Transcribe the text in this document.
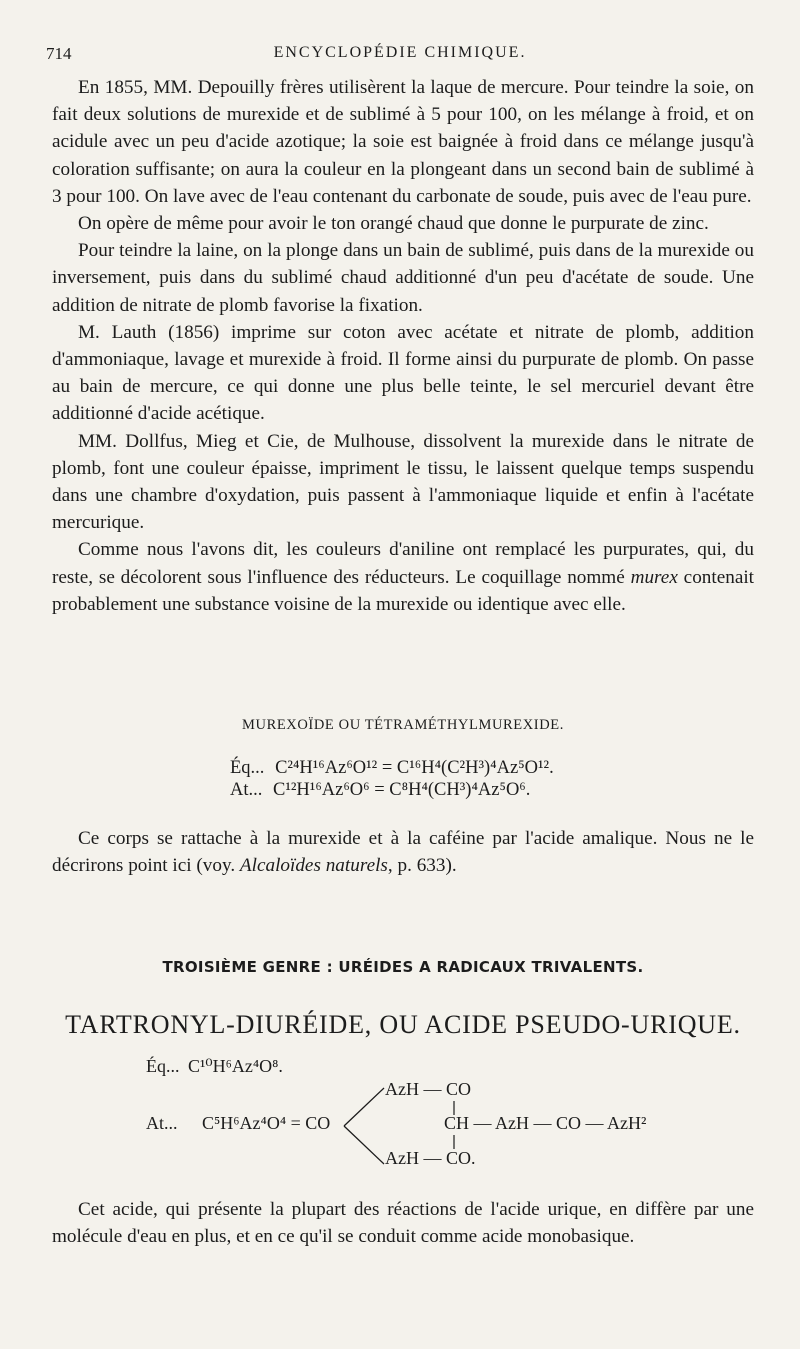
714	ENCYCLOPÉDIE CHIMIQUE.

En 1855, MM. Depouilly frères utilisèrent la laque de mercure. Pour teindre la soie, on fait deux solutions de murexide et de sublimé à 5 pour 100, on les mélange à froid, et on acidule avec un peu d'acide azotique; la soie est baignée à froid dans ce mélange jusqu'à coloration suffisante; on aura la couleur en la plongeant dans un second bain de sublimé à 3 pour 100. On lave avec de l'eau contenant du carbonate de soude, puis avec de l'eau pure.

On opère de même pour avoir le ton orangé chaud que donne le purpurate de zinc.

Pour teindre la laine, on la plonge dans un bain de sublimé, puis dans de la murexide ou inversement, puis dans du sublimé chaud additionné d'un peu d'acétate de soude. Une addition de nitrate de plomb favorise la fixation.

M. Lauth (1856) imprime sur coton avec acétate et nitrate de plomb, addition d'ammoniaque, lavage et murexide à froid. Il forme ainsi du purpurate de plomb. On passe au bain de mercure, ce qui donne une plus belle teinte, le sel mercuriel devant être additionné d'acide acétique.

MM. Dollfus, Mieg et Cie, de Mulhouse, dissolvent la murexide dans le nitrate de plomb, font une couleur épaisse, impriment le tissu, le laissent quelque temps suspendu dans une chambre d'oxydation, puis passent à l'ammoniaque liquide et enfin à l'acétate mercurique.

Comme nous l'avons dit, les couleurs d'aniline ont remplacé les purpurates, qui, du reste, se décolorent sous l'influence des réducteurs. Le coquillage nommé murex contenait probablement une substance voisine de la murexide ou identique avec elle.

MUREXOÏDE OU TÉTRAMÉTHYLMUREXIDE.
Éq... C²⁴H¹⁶Az⁶O¹² = C¹⁶H⁴(C²H³)⁴Az⁵O¹².
At... C¹²H¹⁶Az⁶O⁶ = C⁸H⁴(CH³)⁴Az⁵O⁶.

Ce corps se rattache à la murexide et à la caféine par l'acide amalique. Nous ne le décrirons point ici (voy. Alcaloïdes naturels, p. 633).

TROISIÈME GENRE : URÉIDES A RADICAUX TRIVALENTS.
TARTRONYL-DIURÉIDE, OU ACIDE PSEUDO-URIQUE.
Éq... C¹⁰H⁶Az⁴O⁸.
At... C⁵H⁶Az⁴O⁴ = CO
AzH — CO
CH — AzH — CO — AzH²
AzH — CO.

Cet acide, qui présente la plupart des réactions de l'acide urique, en diffère par une molécule d'eau en plus, et en ce qu'il se conduit comme acide monobasique.
